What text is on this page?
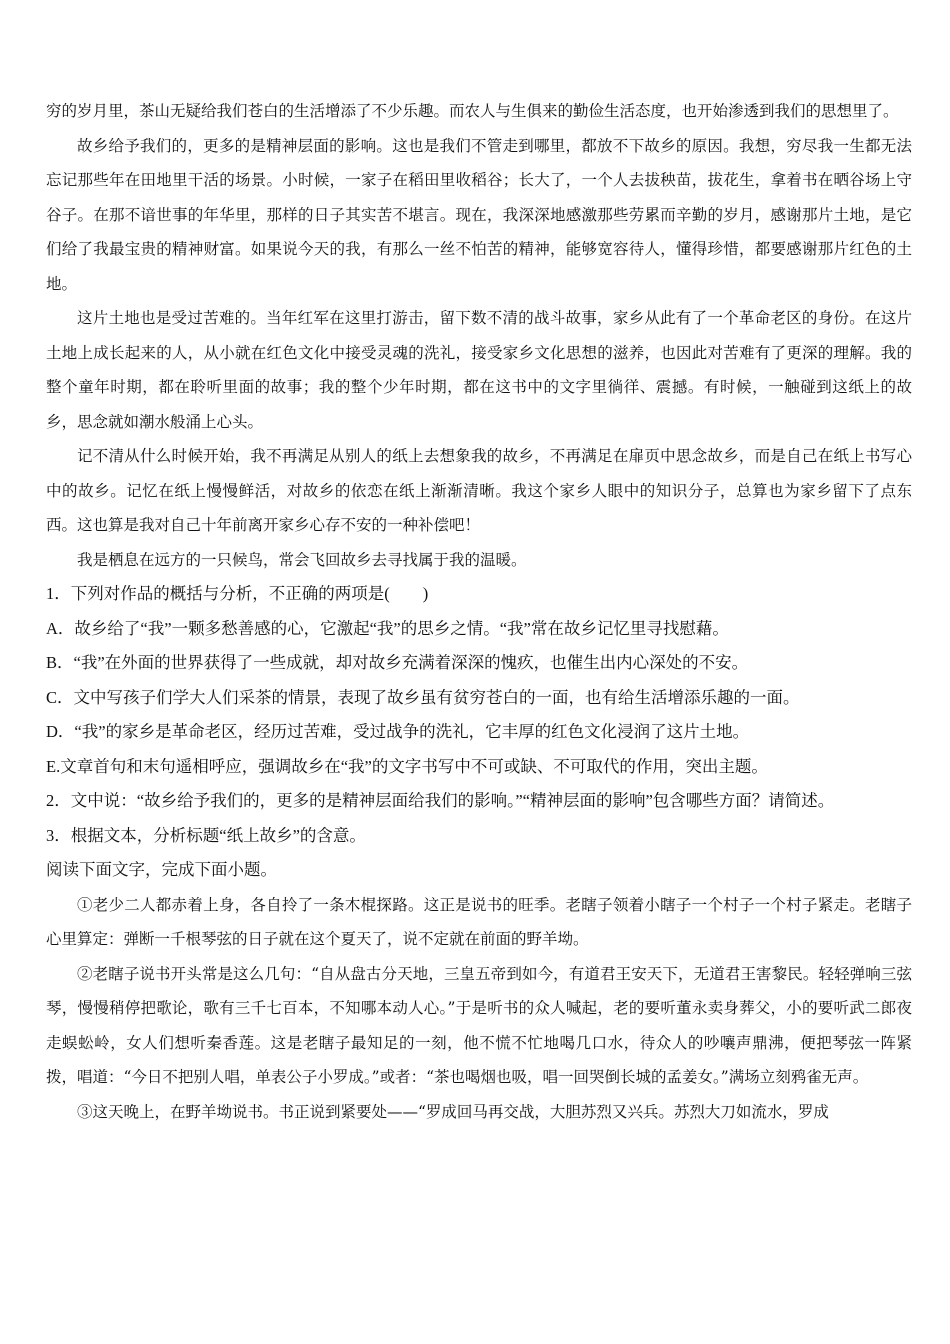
穷的岁月里，茶山无疑给我们苍白的生活增添了不少乐趣。而农人与生俱来的勤俭生活态度，也开始渗透到我们的思想里了。

故乡给予我们的，更多的是精神层面的影响。这也是我们不管走到哪里，都放不下故乡的原因。我想，穷尽我一生都无法忘记那些年在田地里干活的场景。小时候，一家子在稻田里收稻谷；长大了，一个人去拔秧苗，拔花生，拿着书在晒谷场上守谷子。在那不谙世事的年华里，那样的日子其实苦不堪言。现在，我深深地感激那些劳累而辛勤的岁月，感谢那片土地，是它们给了我最宝贵的精神财富。如果说今天的我，有那么一丝不怕苦的精神，能够宽容待人，懂得珍惜，都要感谢那片红色的土地。

这片土地也是受过苦难的。当年红军在这里打游击，留下数不清的战斗故事，家乡从此有了一个革命老区的身份。在这片土地上成长起来的人，从小就在红色文化中接受灵魂的洗礼，接受家乡文化思想的滋养，也因此对苦难有了更深的理解。我的整个童年时期，都在聆听里面的故事；我的整个少年时期，都在这书中的文字里徜徉、震撼。有时候，一触碰到这纸上的故乡，思念就如潮水般涌上心头。

记不清从什么时候开始，我不再满足从别人的纸上去想象我的故乡，不再满足在扉页中思念故乡，而是自己在纸上书写心中的故乡。记忆在纸上慢慢鲜活，对故乡的依恋在纸上渐渐清晰。我这个家乡人眼中的知识分子，总算也为家乡留下了点东西。这也算是我对自己十年前离开家乡心存不安的一种补偿吧！

我是栖息在远方的一只候鸟，常会飞回故乡去寻找属于我的温暖。

1．下列对作品的概括与分析，不正确的两项是(　　)

A．故乡给了“我”一颗多愁善感的心，它激起“我”的思乡之情。“我”常在故乡记忆里寻找慰藉。

B．“我”在外面的世界获得了一些成就，却对故乡充满着深深的愧疚，也催生出内心深处的不安。

C．文中写孩子们学大人们采茶的情景，表现了故乡虽有贫穷苍白的一面，也有给生活增添乐趣的一面。

D．“我”的家乡是革命老区，经历过苦难，受过战争的洗礼，它丰厚的红色文化浸润了这片土地。

E.文章首句和末句遥相呼应，强调故乡在“我”的文字书写中不可或缺、不可取代的作用，突出主题。

2．文中说：“故乡给予我们的，更多的是精神层面给我们的影响。”“精神层面的影响”包含哪些方面？请简述。

3．根据文本，分析标题“纸上故乡”的含意。

阅读下面文字，完成下面小题。

①老少二人都赤着上身，各自拎了一条木棍探路。这正是说书的旺季。老瞎子领着小瞎子一个村子一个村子紧走。老瞎子心里算定：弹断一千根琴弦的日子就在这个夏天了，说不定就在前面的野羊坳。

②老瞎子说书开头常是这么几句：“自从盘古分天地，三皇五帝到如今，有道君王安天下，无道君王害黎民。轻轻弹响三弦琴，慢慢稍停把歌论，歌有三千七百本，不知哪本动人心。”于是听书的众人喊起，老的要听董永卖身葬父，小的要听武二郎夜走蜈蚣岭，女人们想听秦香莲。这是老瞎子最知足的一刻，他不慌不忙地喝几口水，待众人的吵嚷声鼎沸，便把琴弦一阵紧拨，唱道：“今日不把别人唱，单表公子小罗成。”或者：“茶也喝烟也吸，唱一回哭倒长城的孟姜女。”满场立刻鸦雀无声。

③这天晚上，在野羊坳说书。书正说到紧要处——“罗成回马再交战，大胆苏烈又兴兵。苏烈大刀如流水，罗成
